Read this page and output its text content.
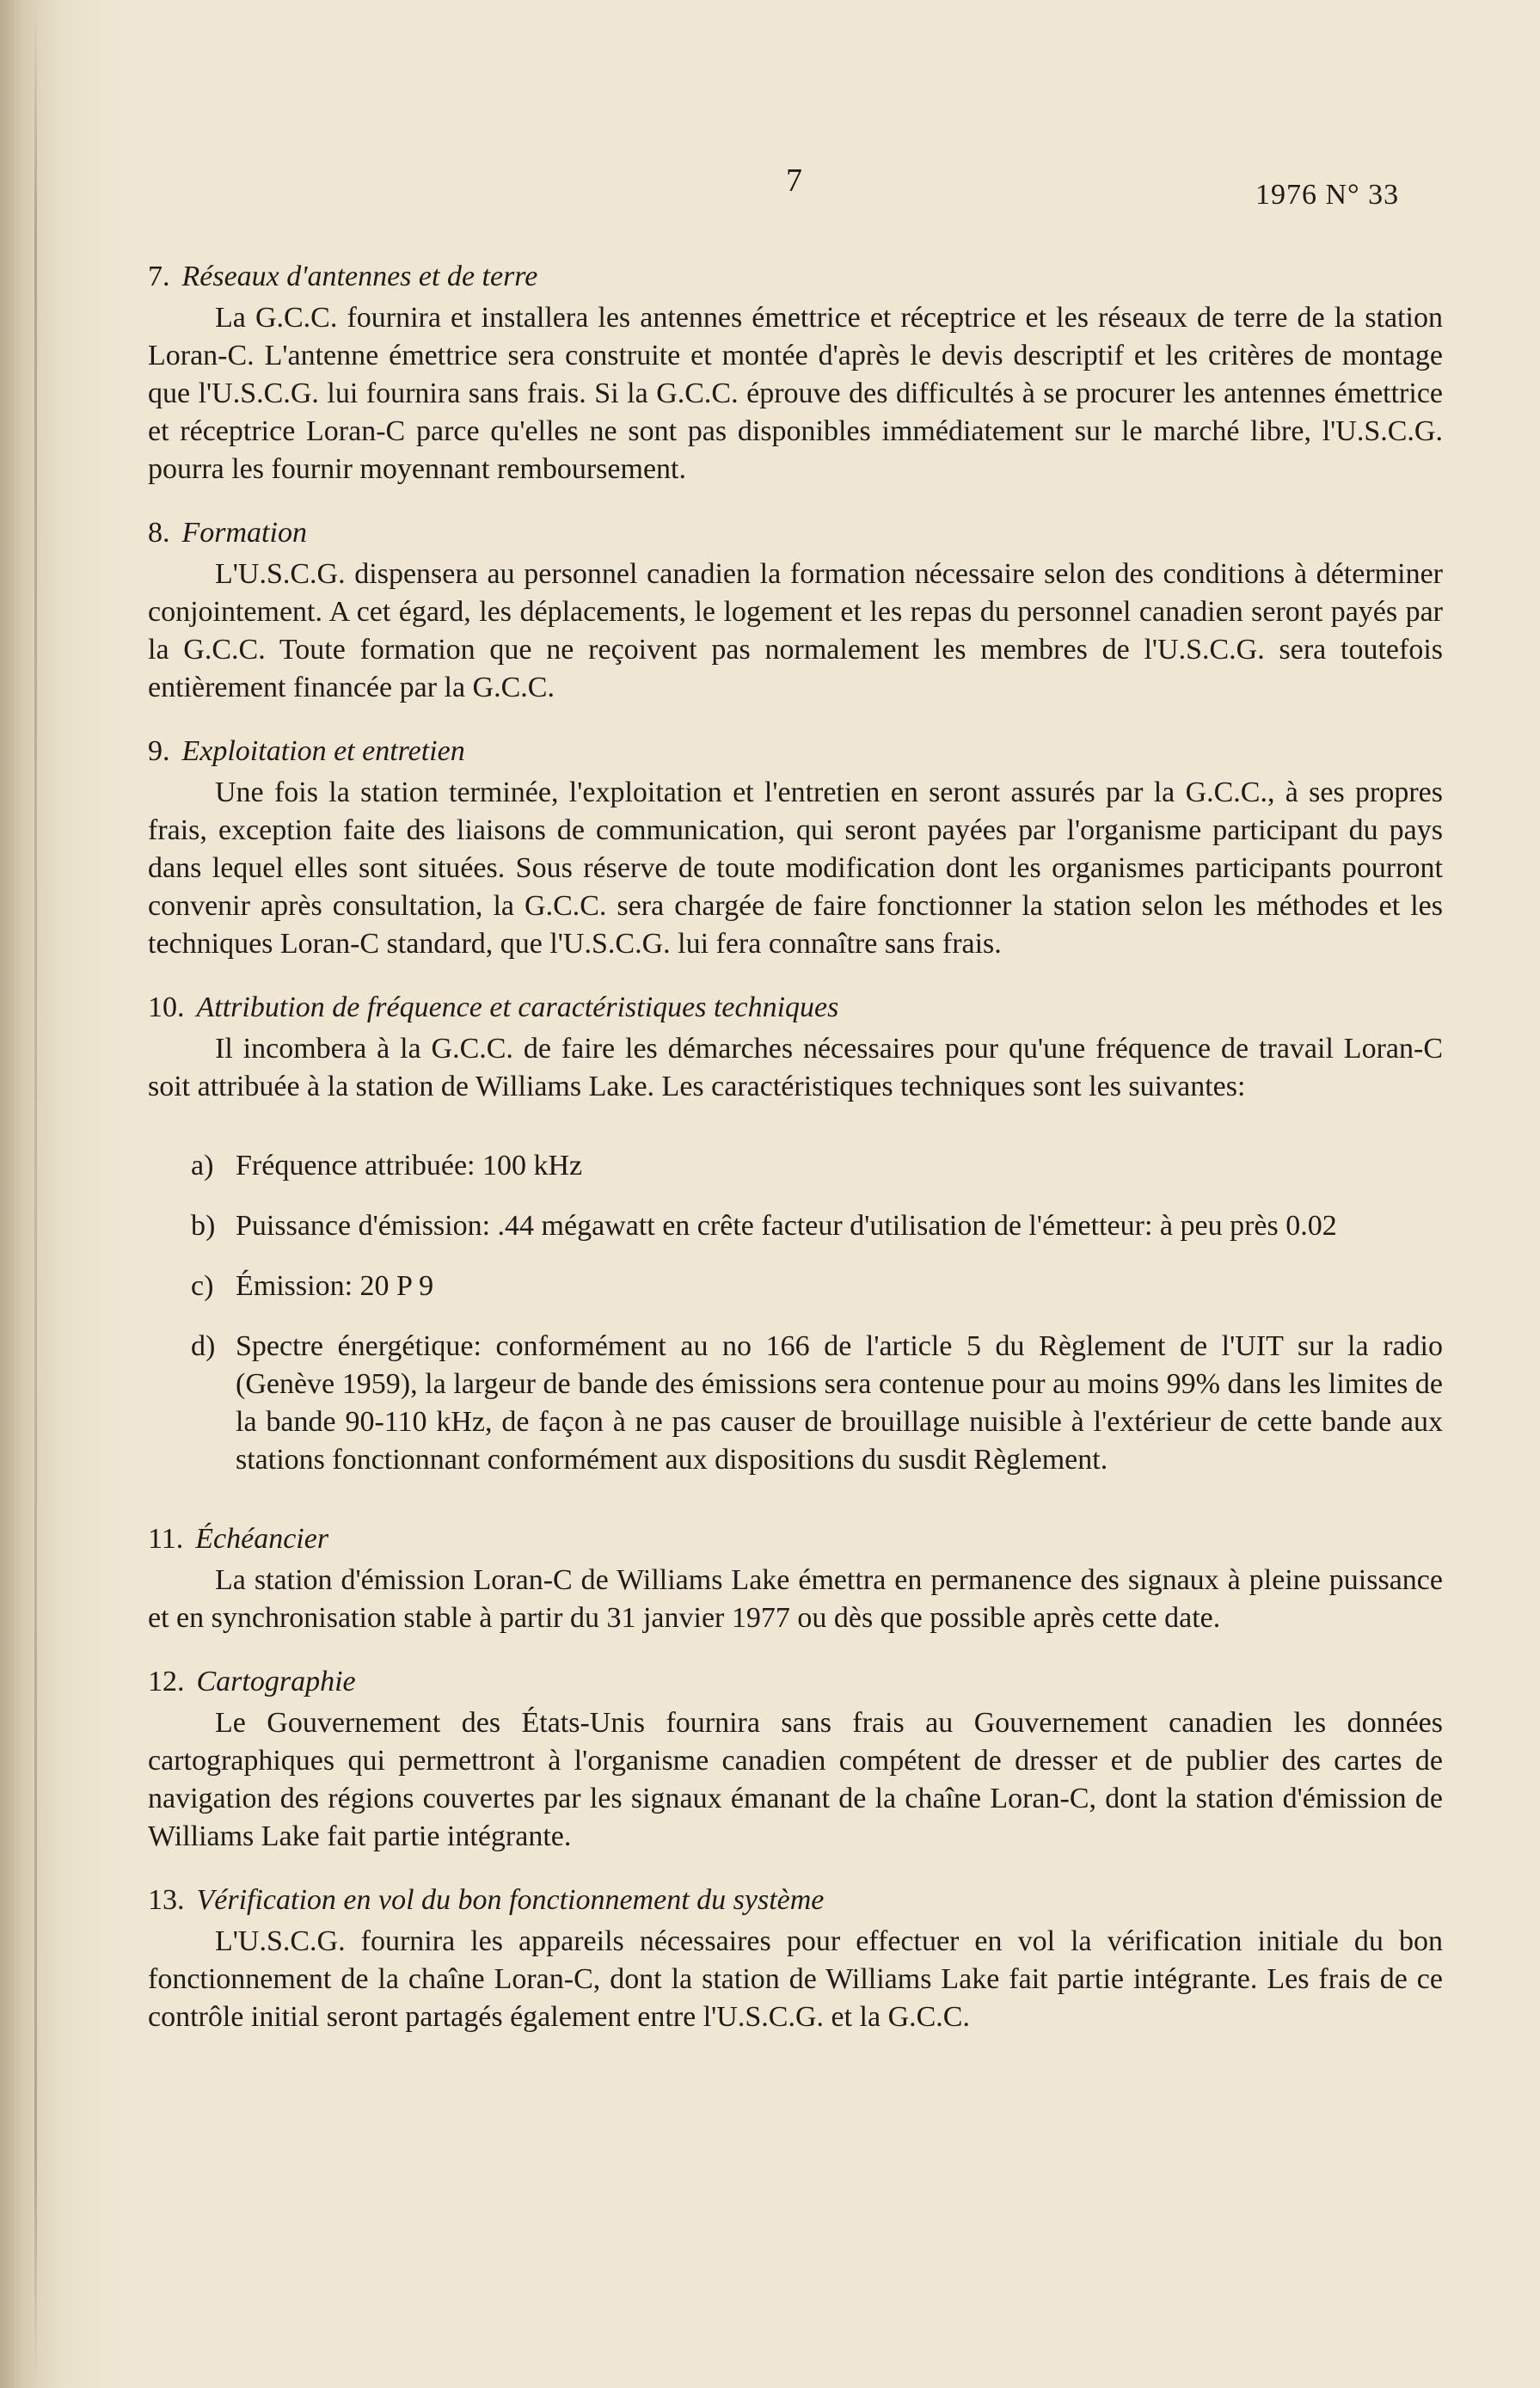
7	1976 N° 33
7. Réseaux d'antennes et de terre

La G.C.C. fournira et installera les antennes émettrice et réceptrice et les réseaux de terre de la station Loran-C. L'antenne émettrice sera construite et montée d'après le devis descriptif et les critères de montage que l'U.S.C.G. lui fournira sans frais. Si la G.C.C. éprouve des difficultés à se procurer les antennes émettrice et réceptrice Loran-C parce qu'elles ne sont pas disponibles immédiatement sur le marché libre, l'U.S.C.G. pourra les fournir moyennant remboursement.

8. Formation

L'U.S.C.G. dispensera au personnel canadien la formation nécessaire selon des conditions à déterminer conjointement. A cet égard, les déplacements, le logement et les repas du personnel canadien seront payés par la G.C.C. Toute formation que ne reçoivent pas normalement les membres de l'U.S.C.G. sera toutefois entièrement financée par la G.C.C.

9. Exploitation et entretien

Une fois la station terminée, l'exploitation et l'entretien en seront assurés par la G.C.C., à ses propres frais, exception faite des liaisons de communication, qui seront payées par l'organisme participant du pays dans lequel elles sont situées. Sous réserve de toute modification dont les organismes participants pourront convenir après consultation, la G.C.C. sera chargée de faire fonctionner la station selon les méthodes et les techniques Loran-C standard, que l'U.S.C.G. lui fera connaître sans frais.

10. Attribution de fréquence et caractéristiques techniques

Il incombera à la G.C.C. de faire les démarches nécessaires pour qu'une fréquence de travail Loran-C soit attribuée à la station de Williams Lake. Les caractéristiques techniques sont les suivantes:

a) Fréquence attribuée: 100 kHz
b) Puissance d'émission: .44 mégawatt en crête facteur d'utilisation de l'émetteur: à peu près 0.02
c) Émission: 20 P 9
d) Spectre énergétique: conformément au no 166 de l'article 5 du Règlement de l'UIT sur la radio (Genève 1959), la largeur de bande des émissions sera contenue pour au moins 99% dans les limites de la bande 90-110 kHz, de façon à ne pas causer de brouillage nuisible à l'extérieur de cette bande aux stations fonctionnant conformément aux dispositions du susdit Règlement.
11. Échéancier

La station d'émission Loran-C de Williams Lake émettra en permanence des signaux à pleine puissance et en synchronisation stable à partir du 31 janvier 1977 ou dès que possible après cette date.

12. Cartographie

Le Gouvernement des États-Unis fournira sans frais au Gouvernement canadien les données cartographiques qui permettront à l'organisme canadien compétent de dresser et de publier des cartes de navigation des régions couvertes par les signaux émanant de la chaîne Loran-C, dont la station d'émission de Williams Lake fait partie intégrante.

13. Vérification en vol du bon fonctionnement du système

L'U.S.C.G. fournira les appareils nécessaires pour effectuer en vol la vérification initiale du bon fonctionnement de la chaîne Loran-C, dont la station de Williams Lake fait partie intégrante. Les frais de ce contrôle initial seront partagés également entre l'U.S.C.G. et la G.C.C.
